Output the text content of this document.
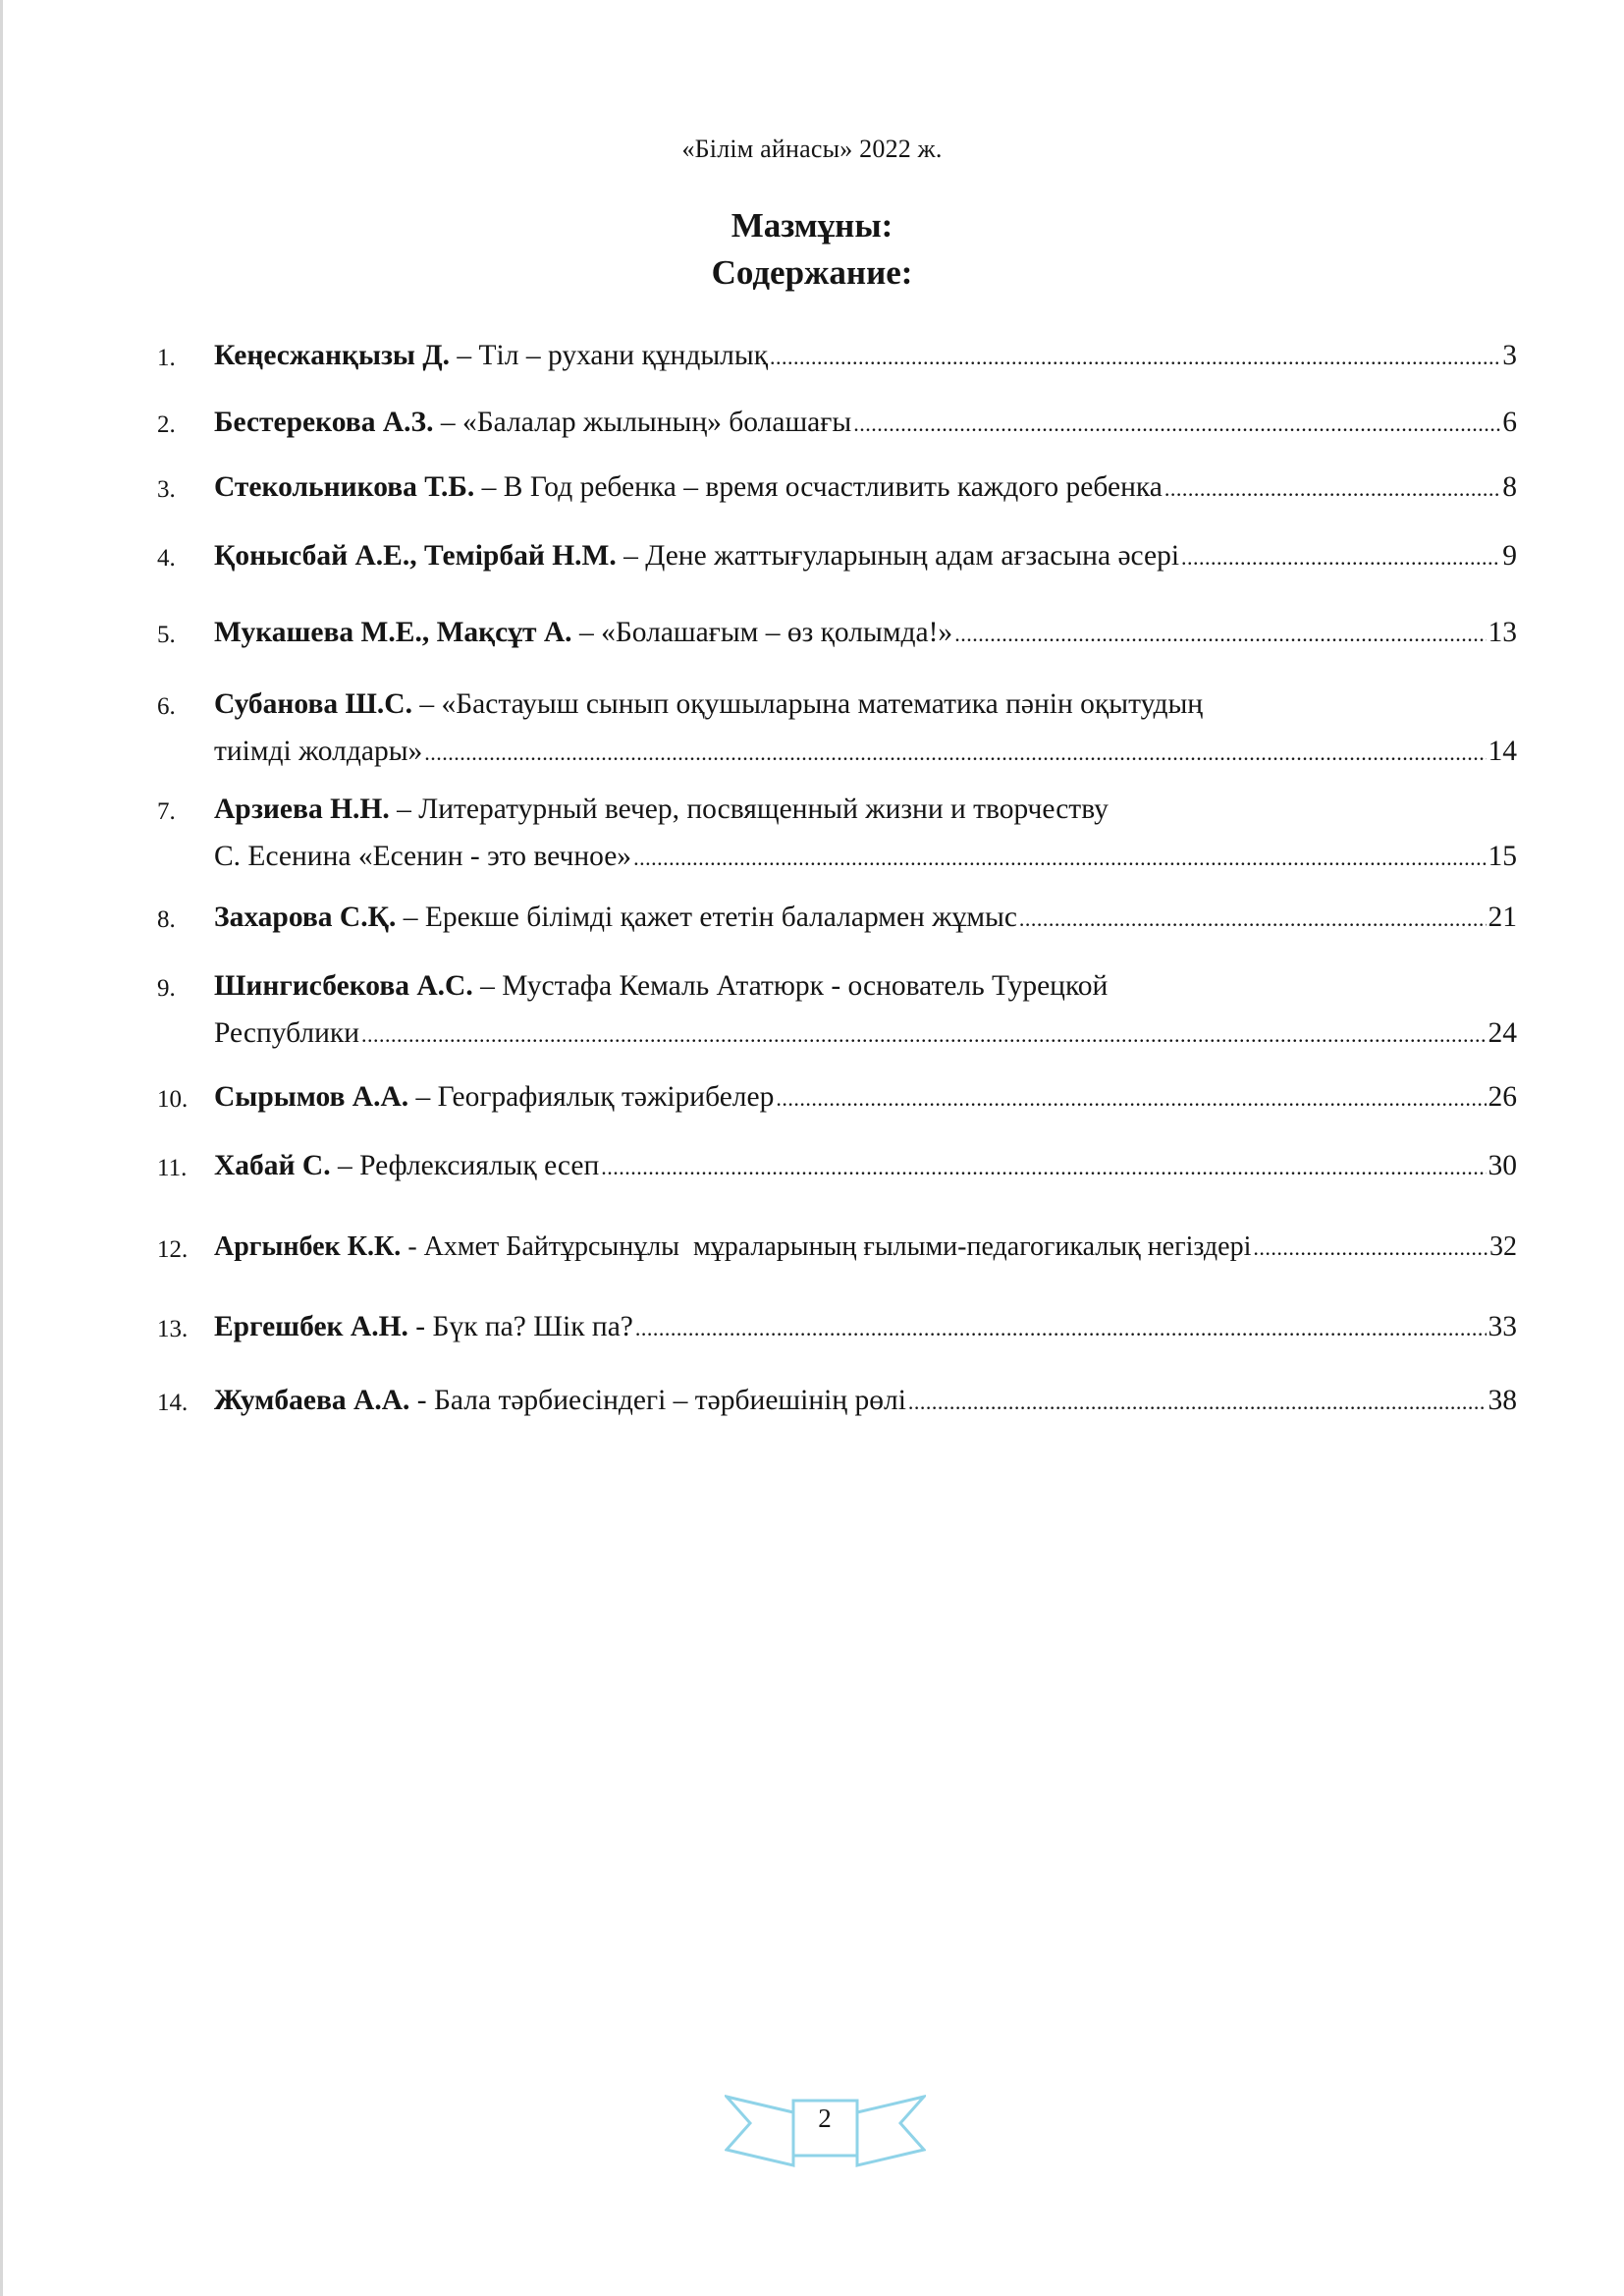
«Білім айнасы» 2022 ж.
Мазмұны:
Содержание:
1.	Кеңесжанқызы Д. – Тіл – рухани құндылық .....	3
2.	Бестерекова А.З. – «Балалар жылының» болашағы .....	6
3.	Стекольникова Т.Б. – В Год ребенка – время осчастливить каждого ребенка .....	8
4.	Қонысбай А.Е., Темірбай Н.М. – Дене жаттығуларының адам ағзасына әсері .....	9
5.	Мукашева М.Е., Мақсұт А. – «Болашағым – өз қолымда!» .....	13
6.	Субанова Ш.С. – «Бастауыш сынып оқушыларына математика пәнін оқытудың
тиімді жолдары» .....	14
7.	Арзиева Н.Н. – Литературный вечер, посвященный жизни и творчеству
С. Есенина «Есенин - это вечное» .....	15
8.	Захарова С.Қ. – Ерекше білімді қажет ететін балалармен жұмыс .....	21
9.	Шингисбекова А.С. – Мустафа Кемаль Ататюрк - основатель Турецкой
Республики .....	24
10. Сырымов А.А. – Географиялық тәжірибелер .....	26
11. Хабай С. – Рефлексиялық есеп .....	30
12. Аргынбек К.К. - Ахмет Байтұрсынұлы  мұраларының ғылыми-педагогикалық негіздері .....	32
13. Ергешбек А.Н. - Бүк па? Шік па? .....	33
14. Жумбаева А.А. - Бала тәрбиесіндегі – тәрбиешінің рөлі .....	38
2
